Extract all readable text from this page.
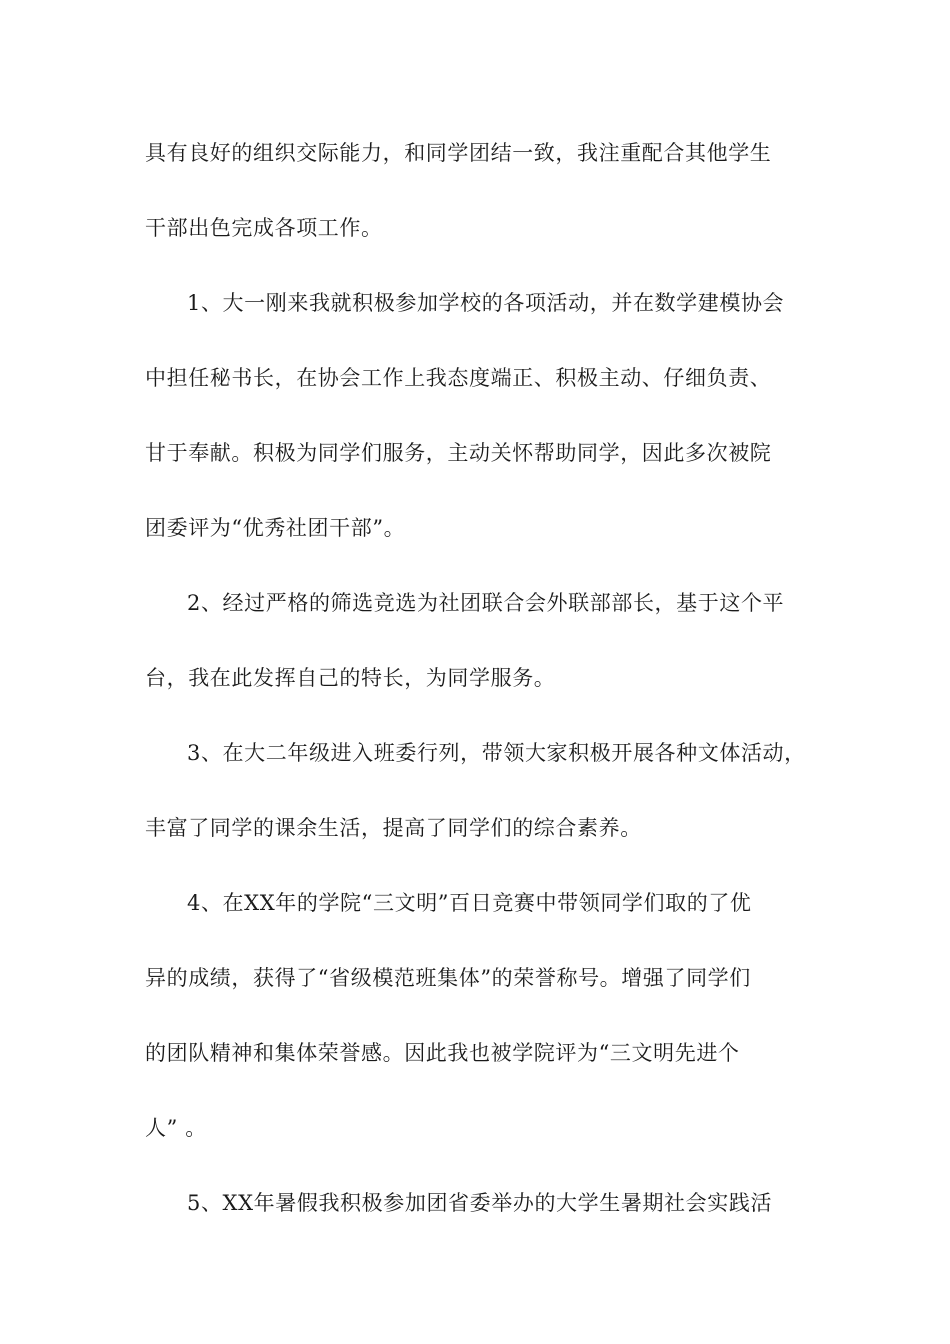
具有良好的组织交际能力，和同学团结一致，我注重配合其他学生
干部出色完成各项工作。
1、大一刚来我就积极参加学校的各项活动，并在数学建模协会
中担任秘书长，在协会工作上我态度端正、积极主动、仔细负责、
甘于奉献。积极为同学们服务，主动关怀帮助同学，因此多次被院
团委评为“优秀社团干部”。
2、经过严格的筛选竞选为社团联合会外联部部长，基于这个平
台，我在此发挥自己的特长，为同学服务。
3、在大二年级进入班委行列，带领大家积极开展各种文体活动，
丰富了同学的课余生活，提高了同学们的综合素养。
4、在XX年的学院“三文明”百日竞赛中带领同学们取的了优
异的成绩，获得了“省级模范班集体”的荣誉称号。增强了同学们
的团队精神和集体荣誉感。因此我也被学院评为“三文明先进个
人” 。
5、XX年暑假我积极参加团省委举办的大学生暑期社会实践活
